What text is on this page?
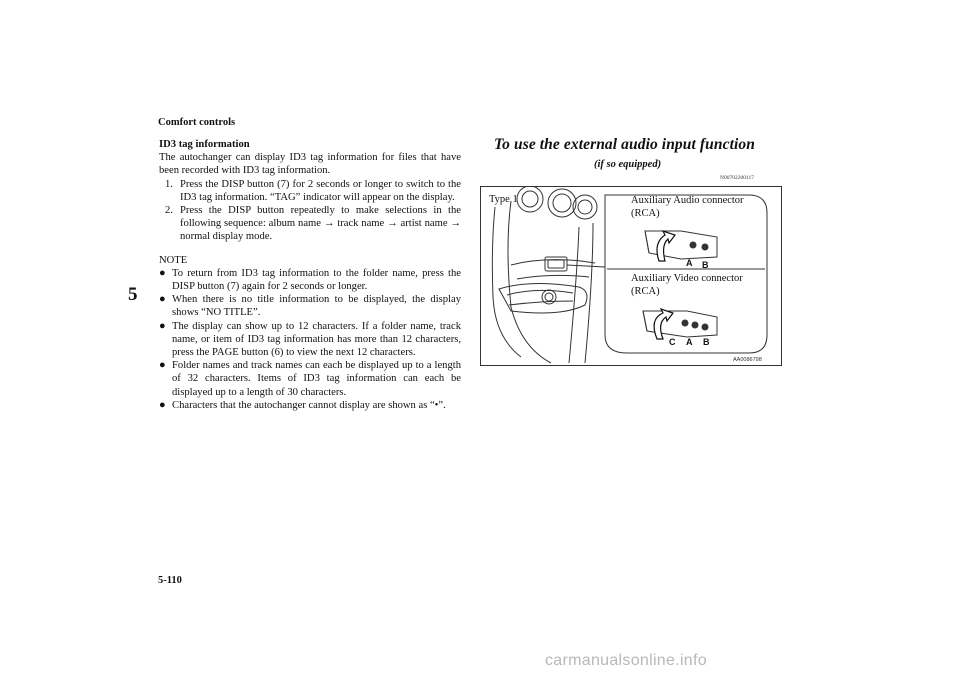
Comfort controls
5
5-110
carmanualsonline.info

ID3 tag information

The autochanger can display ID3 tag information for files that have been recorded with ID3 tag information.

1. Press the DISP button (7) for 2 seconds or longer to switch to the ID3 tag information. “TAG” indicator will appear on the display.
2. Press the DISP button repeatedly to make selections in the following sequence: album name → track name → artist name → normal display mode.

NOTE

● To return from ID3 tag information to the folder name, press the DISP button (7) again for 2 seconds or longer.
● When there is no title information to be displayed, the display shows “NO TITLE”.
● The display can show up to 12 characters. If a folder name, track name, or item of ID3 tag information has more than 12 characters, press the PAGE button (6) to view the next 12 characters.
● Folder names and track names can each be displayed up to a length of 32 characters. Items of ID3 tag information can each be displayed up to a length of 30 characters.
● Characters that the autochanger cannot display are shown as “•”.
To use the external audio input function
(if so equipped)
N00702200117
Type 1	Auxiliary Audio connector
(RCA)
Auxiliary Video connector
(RCA)
A B
C A B
AA0086798
